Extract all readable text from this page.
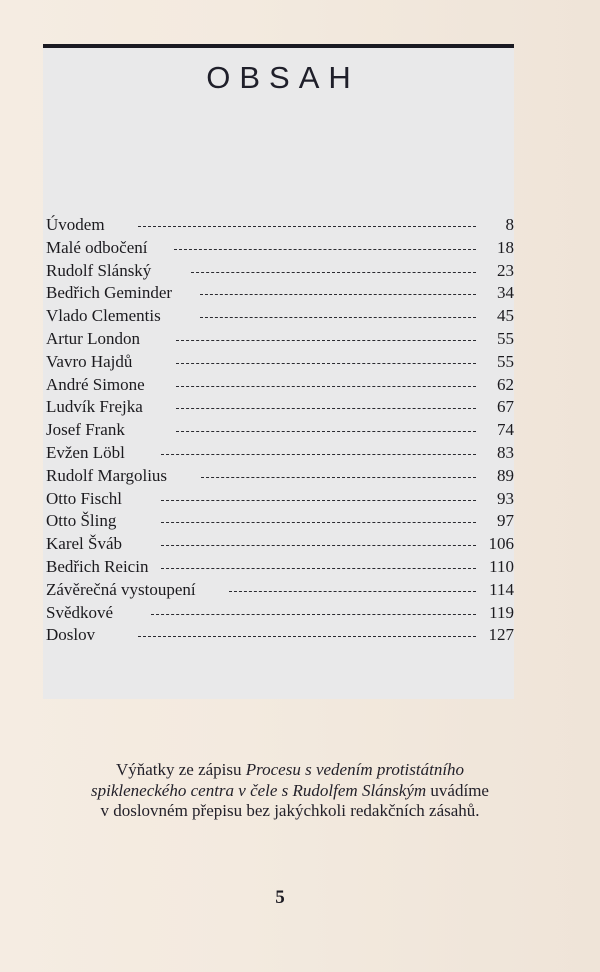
OBSAH
Úvodem	8
Malé odbočení	18
Rudolf Slánský	23
Bedřich Geminder	34
Vlado Clementis	45
Artur London	55
Vavro Hajdů	55
André Simone	62
Ludvík Frejka	67
Josef Frank	74
Evžen Löbl	83
Rudolf Margolius	89
Otto Fischl	93
Otto Šling	97
Karel Šváb	106
Bedřich Reicin	110
Závěrečná vystoupení	114
Svědkové	119
Doslov	127
Výňatky ze zápisu Procesu s vedením protistátního spikleneckého centra v čele s Rudolfem Slánským uvádíme v doslovném přepisu bez jakýchkoli redakčních zásahů.
5
